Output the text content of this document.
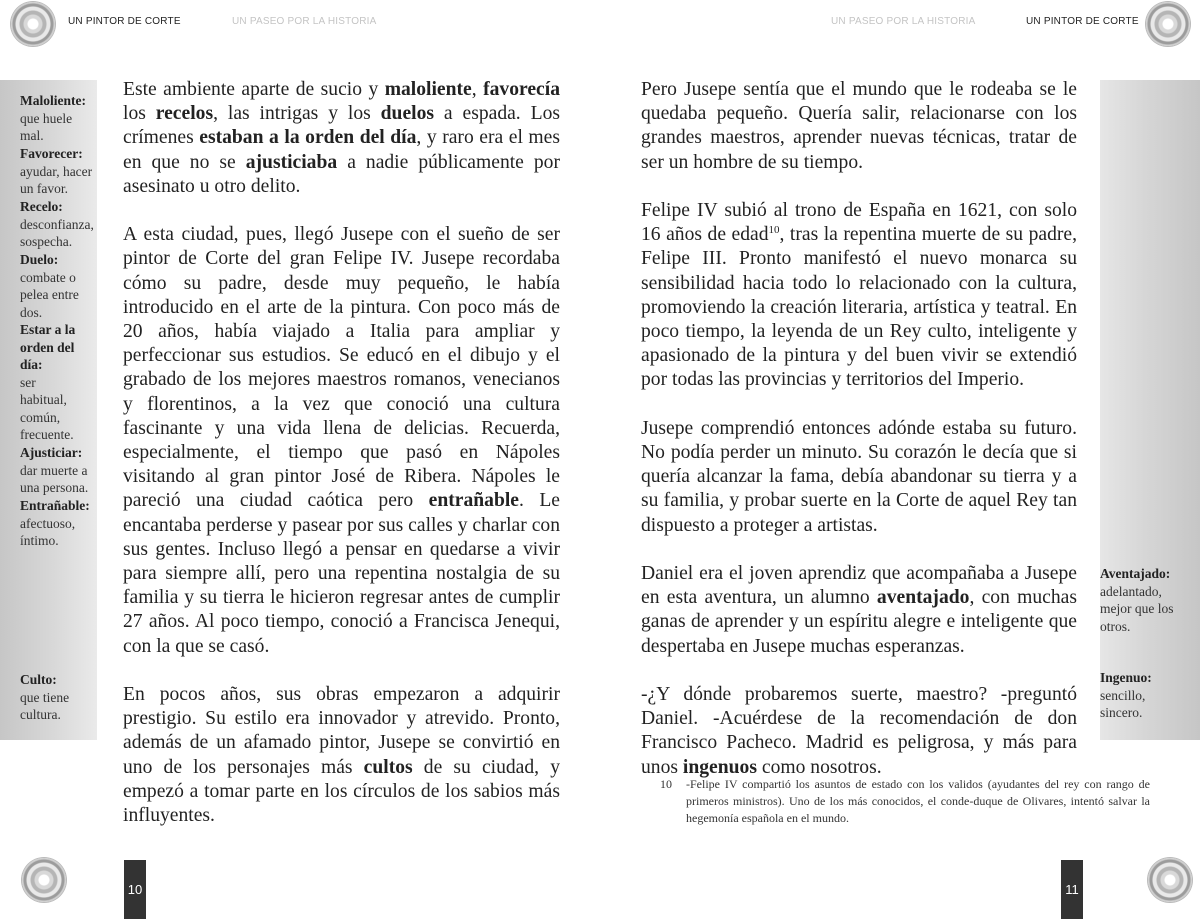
UN PINTOR DE CORTE	UN PASEO POR LA HISTORIA
Maloliente:
que huele mal.
Favorecer:
ayudar, hacer un favor.
Recelo:
desconfianza, sospecha.
Duelo:
combate o pelea entre dos.
Estar a la orden del día:
ser habitual, común, frecuente.
Ajusticiar:
dar muerte a una persona.
Entrañable:
afectuoso, íntimo.
Culto:
que tiene cultura.

Este ambiente aparte de sucio y maloliente, favorecía los recelos, las intrigas y los duelos a espada. Los crímenes estaban a la orden del día, y raro era el mes en que no se ajusticiaba a nadie públicamente por asesinato u otro delito.

A esta ciudad, pues, llegó Jusepe con el sueño de ser pintor de Corte del gran Felipe IV. Jusepe recordaba cómo su padre, desde muy pequeño, le había introducido en el arte de la pintura. Con poco más de 20 años, había viajado a Italia para ampliar y perfeccionar sus estudios. Se educó en el dibujo y el grabado de los mejores maestros romanos, venecianos y florentinos, a la vez que conoció una cultura fascinante y una vida llena de delicias. Recuerda, especialmente, el tiempo que pasó en Nápoles visitando al gran pintor José de Ribera. Nápoles le pareció una ciudad caótica pero entrañable. Le encantaba perderse y pasear por sus calles y charlar con sus gentes. Incluso llegó a pensar en quedarse a vivir para siempre allí, pero una repentina nostalgia de su familia y su tierra le hicieron regresar antes de cumplir 27 años. Al poco tiempo, conoció a Francisca Jenequi, con la que se casó.

En pocos años, sus obras empezaron a adquirir prestigio. Su estilo era innovador y atrevido. Pronto, además de un afamado pintor, Jusepe se convirtió en uno de los personajes más cultos de su ciudad, y empezó a tomar parte en los círculos de los sabios más influyentes.

10
UN PASEO POR LA HISTORIA	UN PINTOR DE CORTE
Aventajado:
adelantado, mejor que los otros.
Ingenuo:
sencillo, sincero.

Pero Jusepe sentía que el mundo que le rodeaba se le quedaba pequeño. Quería salir, relacionarse con los grandes maestros, aprender nuevas técnicas, tratar de ser un hombre de su tiempo.

Felipe IV subió al trono de España en 1621, con solo 16 años de edad$^{10}$, tras la repentina muerte de su padre, Felipe III. Pronto manifestó el nuevo monarca su sensibilidad hacia todo lo relacionado con la cultura, promoviendo la creación literaria, artística y teatral. En poco tiempo, la leyenda de un Rey culto, inteligente y apasionado de la pintura y del buen vivir se extendió por todas las provincias y territorios del Imperio.

Jusepe comprendió entonces adónde estaba su futuro. No podía perder un minuto. Su corazón le decía que si quería alcanzar la fama, debía abandonar su tierra y a su familia, y probar suerte en la Corte de aquel Rey tan dispuesto a proteger a artistas.

Daniel era el joven aprendiz que acompañaba a Jusepe en esta aventura, un alumno aventajado, con muchas ganas de aprender y un espíritu alegre e inteligente que despertaba en Jusepe muchas esperanzas.

-¿Y dónde probaremos suerte, maestro? -preguntó Daniel. -Acuérdese de la recomendación de don Francisco Pacheco. Madrid es peligrosa, y más para unos ingenuos como nosotros.

11
10 -Felipe IV compartió los asuntos de estado con los validos (ayudantes del rey con rango de primeros ministros). Uno de los más conocidos, el conde-duque de Olivares, intentó salvar la hegemonía española en el mundo.
